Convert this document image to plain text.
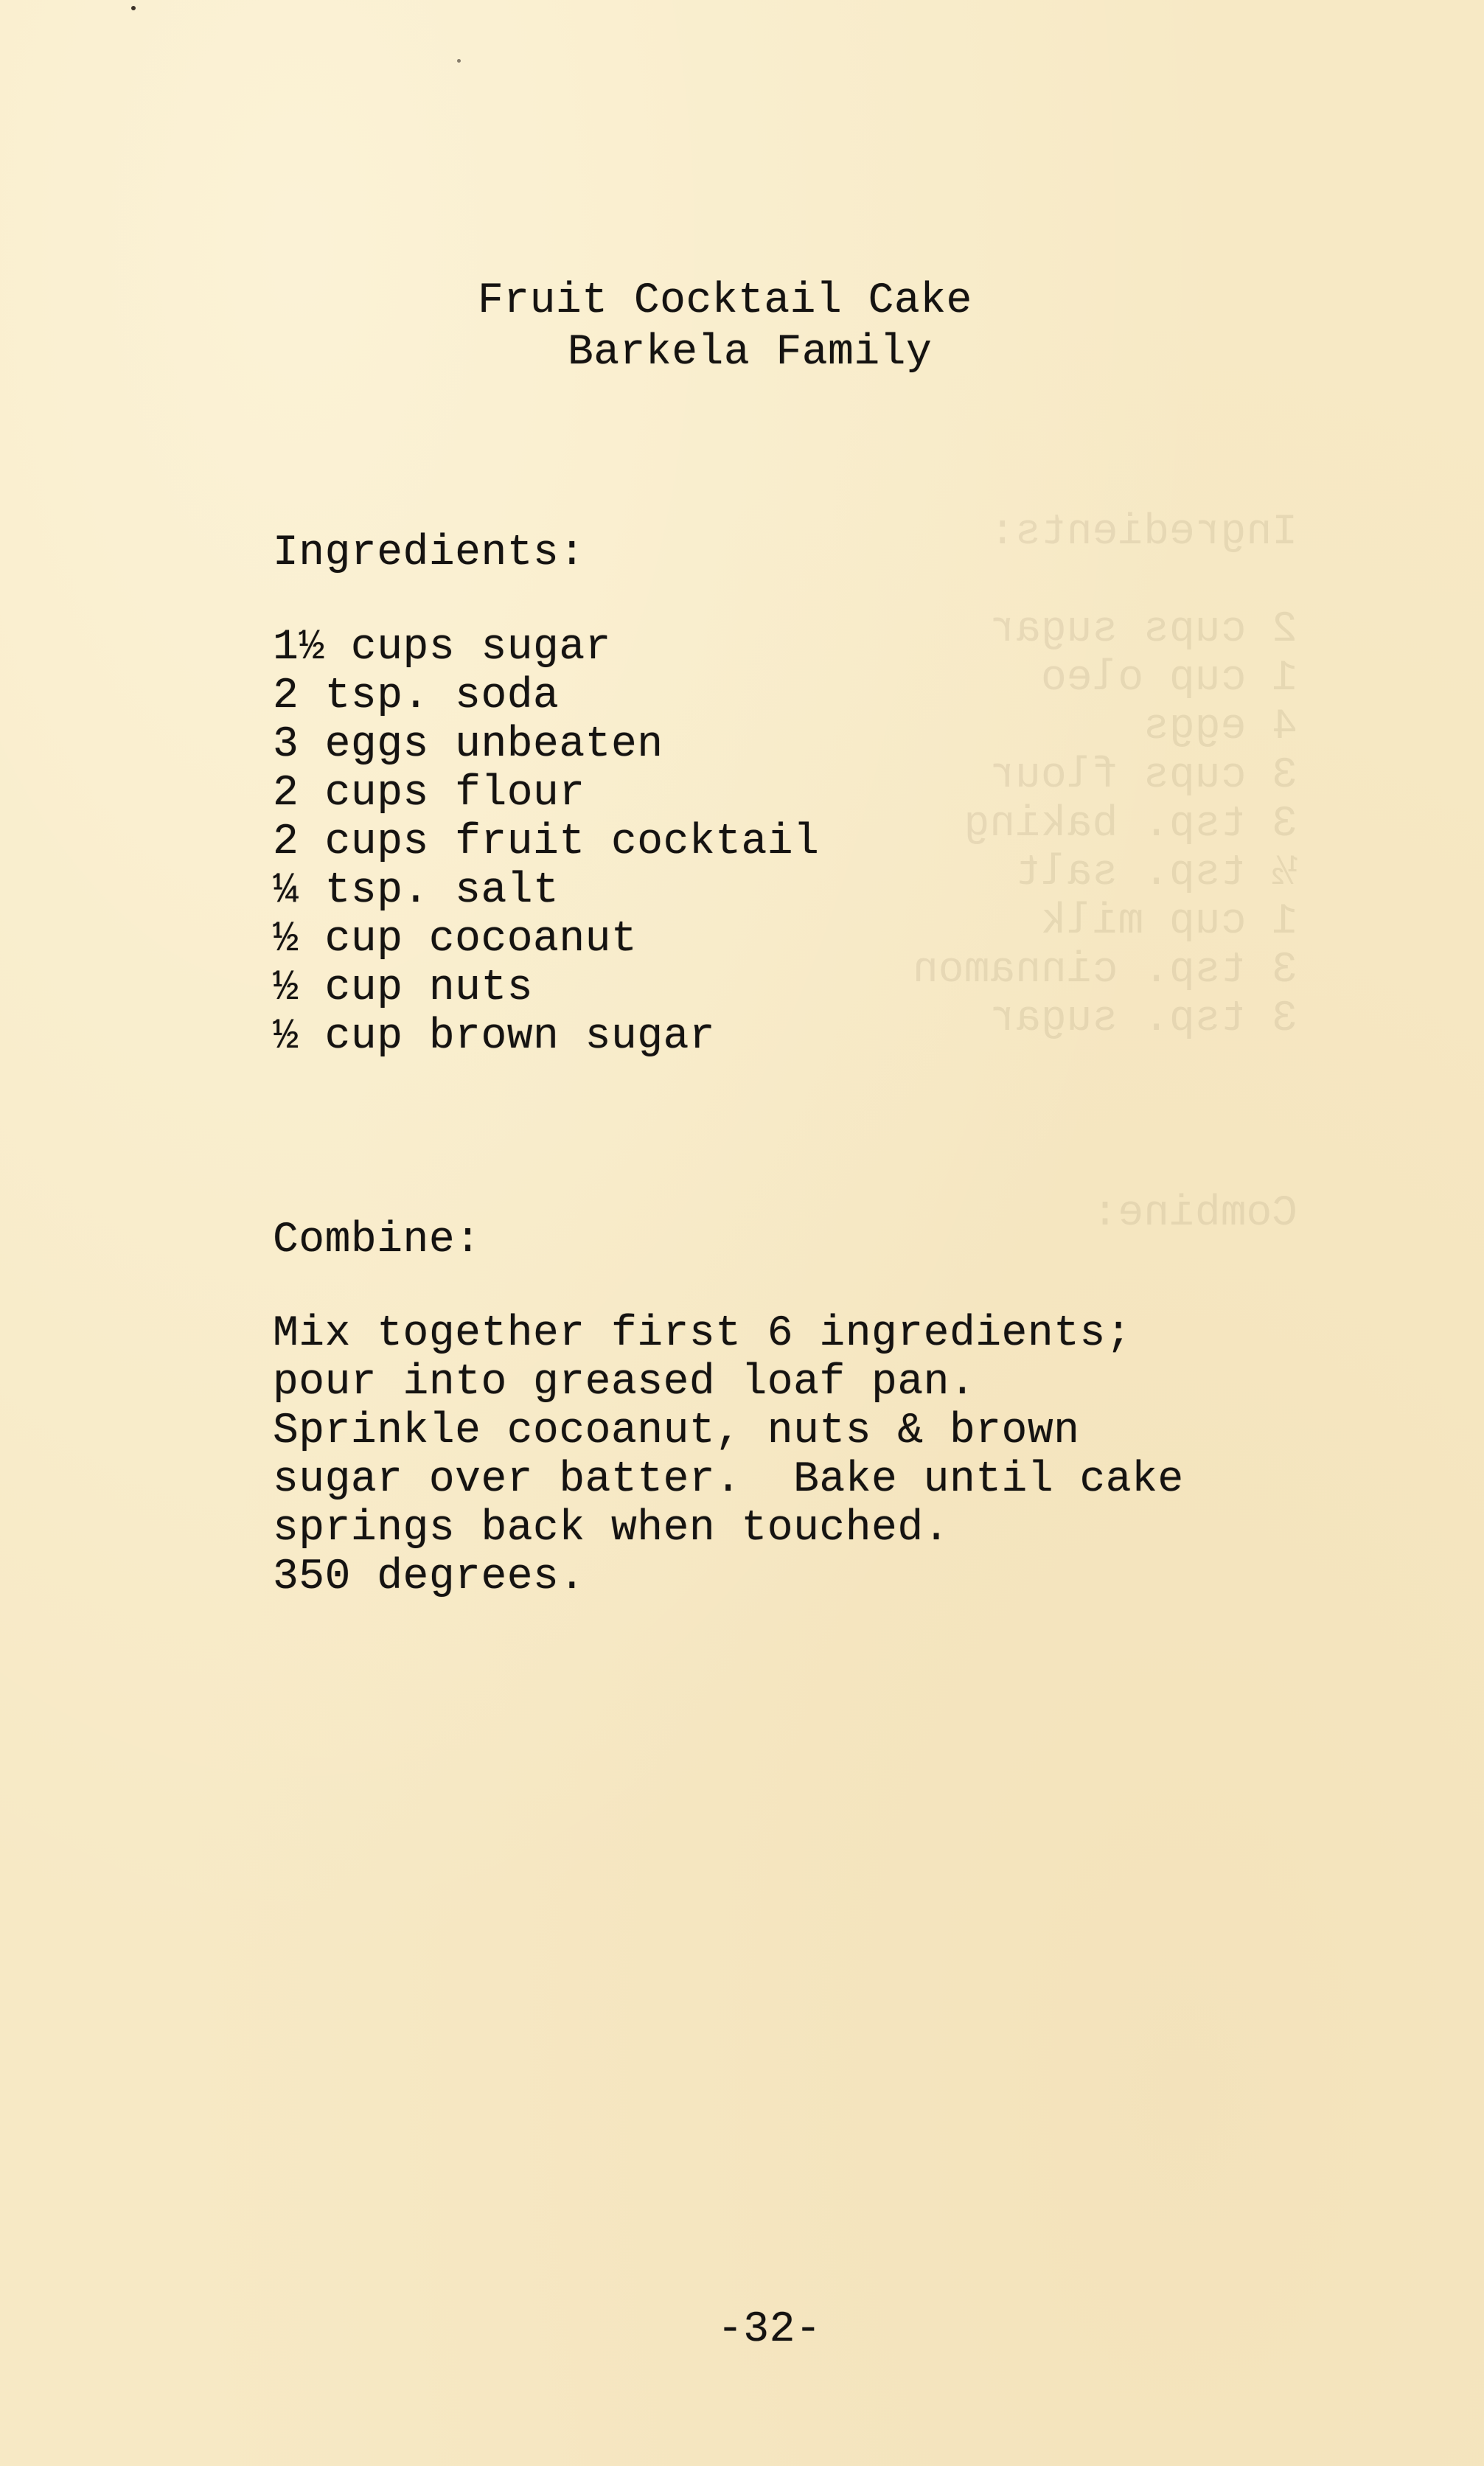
Ingredients:

2 cups sugar
1 cup oleo
4 eggs
3 cups flour
3 tsp. baking
½ tsp. salt
1 cup milk
3 tsp. cinnamon
3 tsp. sugar

Combine:

Fruit Cocktail Cake

Barkela Family

Ingredients:

1½ cups sugar
2 tsp. soda
3 eggs unbeaten
2 cups flour
2 cups fruit cocktail
¼ tsp. salt
½ cup cocoanut
½ cup nuts
½ cup brown sugar

Combine:

Mix together first 6 ingredients;
pour into greased loaf pan.
Sprinkle cocoanut, nuts & brown
sugar over batter.  Bake until cake
springs back when touched.
350 degrees.

-32-
